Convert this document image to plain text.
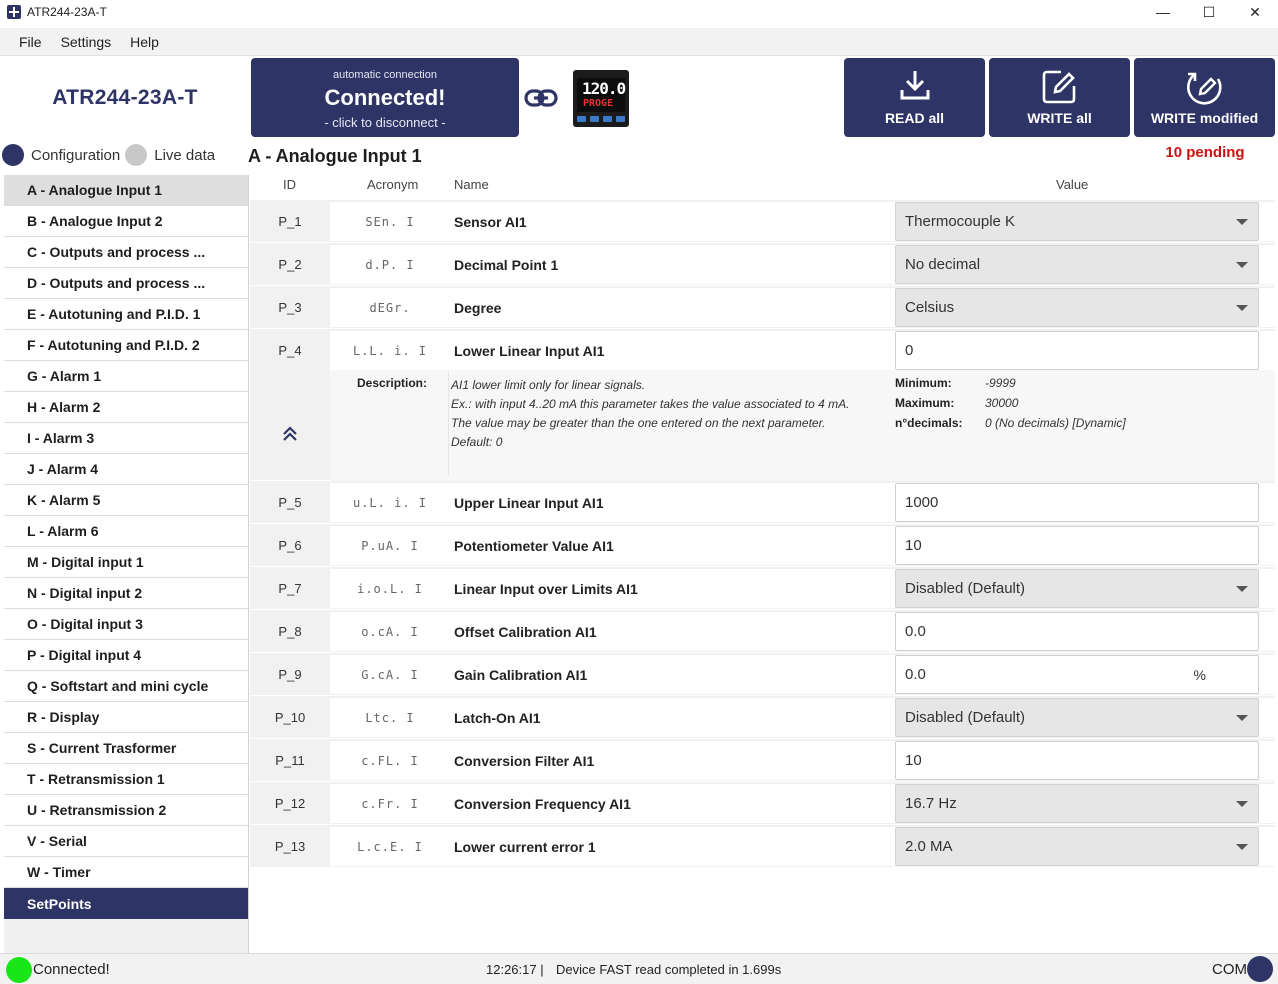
ATR244-23A-T	—	☐	✕
File	Settings	Help
ATR244-23A-T
automatic connection
Connected!
- click to disconnect -
120.0
PROGE
READ all	WRITE all	WRITE modified
10 pending
Configuration Live data
A - Analogue Input 1
B - Analogue Input 2
C - Outputs and process ...
D - Outputs and process ...
E - Autotuning and P.I.D. 1
F - Autotuning and P.I.D. 2
G - Alarm 1
H - Alarm 2
I - Alarm 3
J - Alarm 4
K - Alarm 5
L - Alarm 6
M - Digital input 1
N - Digital input 2
O - Digital input 3
P - Digital input 4
Q - Softstart and mini cycle
R - Display
S - Current Trasformer
T - Retransmission 1
U - Retransmission 2
V - Serial
W - Timer
SetPoints
A - Analogue Input 1
ID	Acronym	Name	Value
P_1	SEn. I	Sensor AI1	Thermocouple K
P_2	d.P. I	Decimal Point 1	No decimal
P_3	dEGr.	Degree	Celsius
P_4	L.L. i. I	Lower Linear Input AI1	0
Description: AI1 lower limit only for linear signals.
Ex.: with input 4..20 mA this parameter takes the value associated to 4 mA.
The value may be greater than the one entered on the next parameter.
Default: 0
Minimum:	-9999
Maximum:	30000
n°decimals:	0 (No decimals) [Dynamic]
P_5	u.L. i. I	Upper Linear Input AI1	1000
P_6	P.uA. I	Potentiometer Value AI1	10
P_7	i.o.L. I	Linear Input over Limits AI1	Disabled (Default)
P_8	o.cA. I	Offset Calibration AI1	0.0
P_9	G.cA. I	Gain Calibration AI1	0.0	%
P_10	Ltc. I	Latch-On AI1	Disabled (Default)
P_11	c.FL. I	Conversion Filter AI1	10
P_12	c.Fr. I	Conversion Frequency AI1	16.7 Hz
P_13	L.c.E. I	Lower current error 1	2.0 MA
Connected!	12:26:17 | Device FAST read completed in 1.699s	COM
